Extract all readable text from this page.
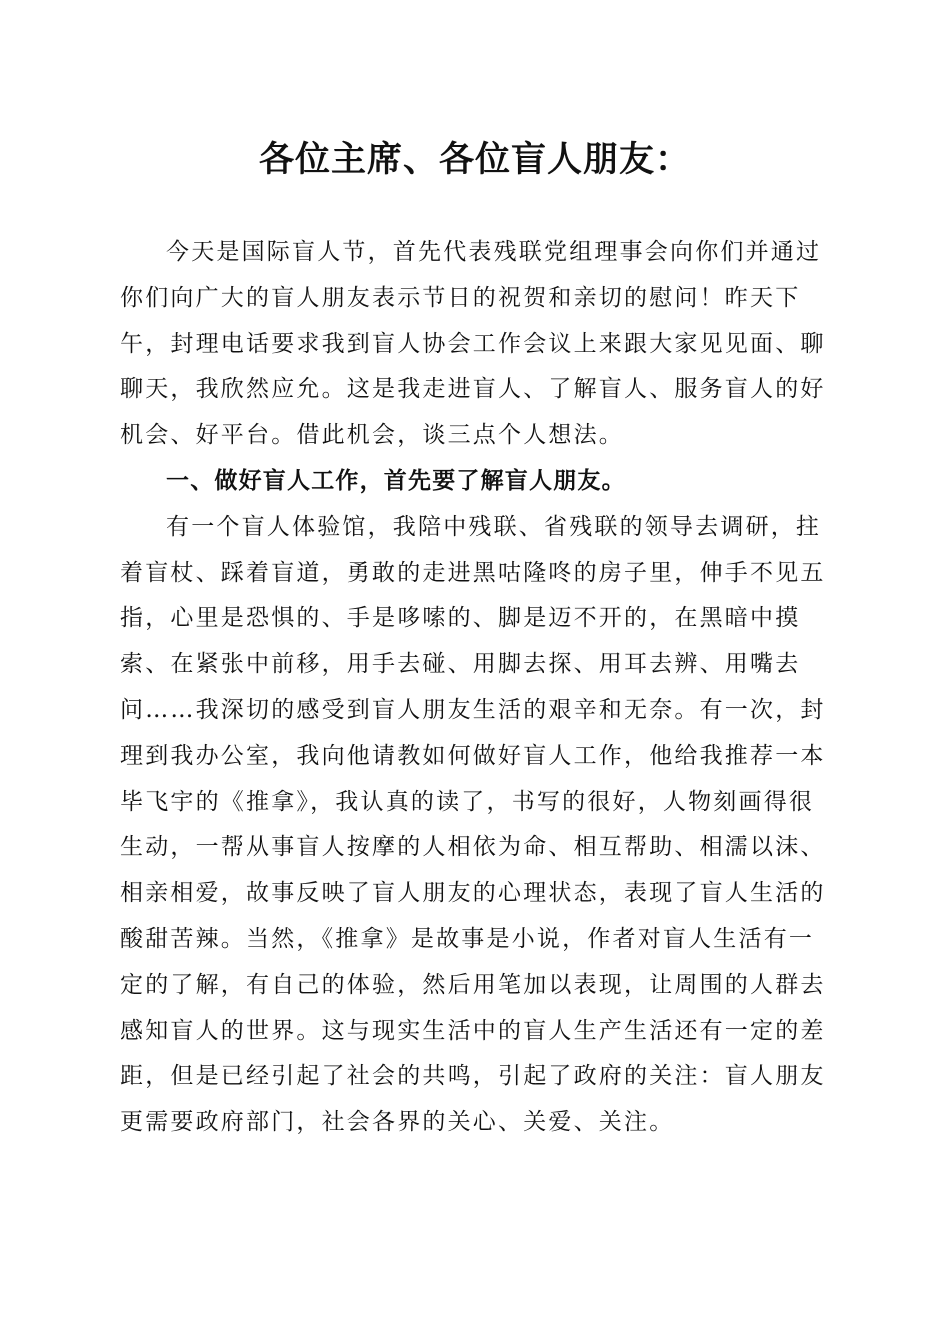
各位主席、各位盲人朋友：

今天是国际盲人节，首先代表残联党组理事会向你们并通过你们向广大的盲人朋友表示节日的祝贺和亲切的慰问！昨天下午，封理电话要求我到盲人协会工作会议上来跟大家见见面、聊聊天，我欣然应允。这是我走进盲人、了解盲人、服务盲人的好机会、好平台。借此机会，谈三点个人想法。

一、做好盲人工作，首先要了解盲人朋友。

有一个盲人体验馆，我陪中残联、省残联的领导去调研，拄着盲杖、踩着盲道，勇敢的走进黑咕隆咚的房子里，伸手不见五指，心里是恐惧的、手是哆嗦的、脚是迈不开的，在黑暗中摸索、在紧张中前移，用手去碰、用脚去探、用耳去辨、用嘴去问……我深切的感受到盲人朋友生活的艰辛和无奈。有一次，封理到我办公室，我向他请教如何做好盲人工作，他给我推荐一本毕飞宇的《推拿》，我认真的读了，书写的很好，人物刻画得很生动，一帮从事盲人按摩的人相依为命、相互帮助、相濡以沫、相亲相爱，故事反映了盲人朋友的心理状态，表现了盲人生活的酸甜苦辣。当然，《推拿》是故事是小说，作者对盲人生活有一定的了解，有自己的体验，然后用笔加以表现，让周围的人群去感知盲人的世界。这与现实生活中的盲人生产生活还有一定的差距，但是已经引起了社会的共鸣，引起了政府的关注：盲人朋友更需要政府部门，社会各界的关心、关爱、关注。
